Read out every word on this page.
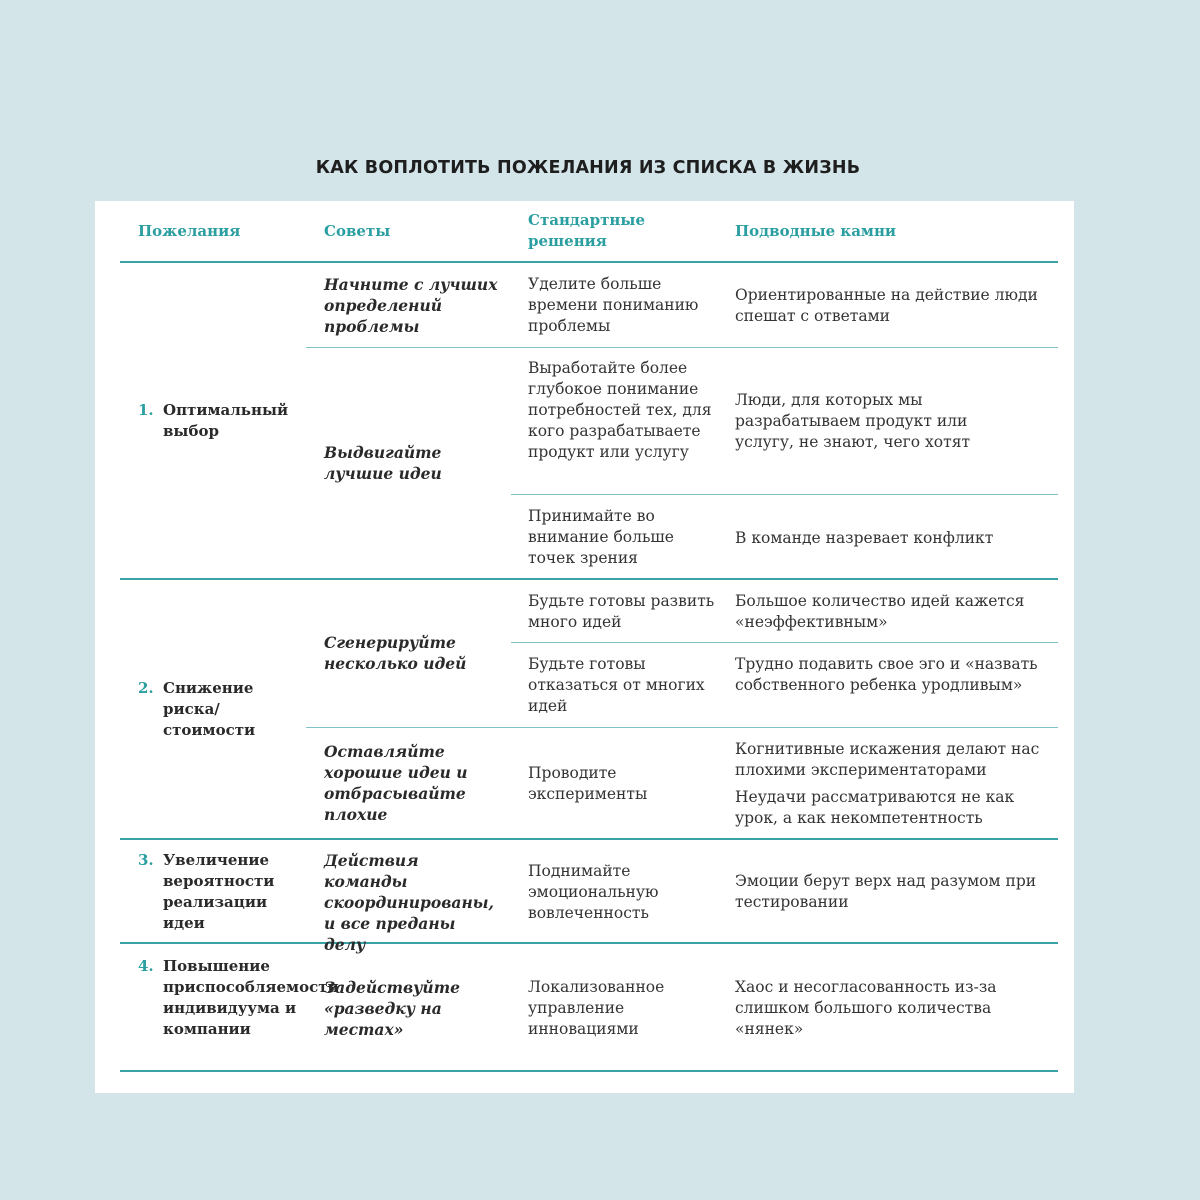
КАК ВОПЛОТИТЬ ПОЖЕЛАНИЯ ИЗ СПИСКА В ЖИЗНЬ
Пожелания	Советы
Стандартные решения
Подводные камни
1. Оптимальный выбор
Начните с лучших определений проблемы
Выдвигайте лучшие идеи
Уделите больше времени пониманию проблемы
Ориентированные на действие люди спешат с ответами
Выработайте более глубокое понимание потребностей тех, для кого разрабатываете продукт или услугу
Люди, для которых мы разрабатываем продукт или услугу, не знают, чего хотят
Принимайте во внимание больше точек зрения
В команде назревает конфликт
2. Снижение риска/ стоимости
Сгенерируйте несколько идей
Оставляйте хорошие идеи и отбрасывайте плохие
Будьте готовы развить много идей
Большое количество идей кажется «неэффективным»
Будьте готовы отказаться от многих идей
Трудно подавить свое эго и «назвать собственного ребенка уродливым»
Проводите эксперименты
Когнитивные искажения делают нас плохими экспериментаторами
Неудачи рассматриваются не как урок, а как некомпетентность
3. Увеличение вероятности реализации идеи
Действия команды скоординированы, и все преданы делу
Поднимайте эмоциональную вовлеченность
Эмоции берут верх над разумом при тестировании
4. Повышение приспособляемости индивидуума и компании
Задействуйте «разведку на местах»
Локализованное управление инновациями
Хаос и несогласованность из-за слишком большого количества «нянек»
